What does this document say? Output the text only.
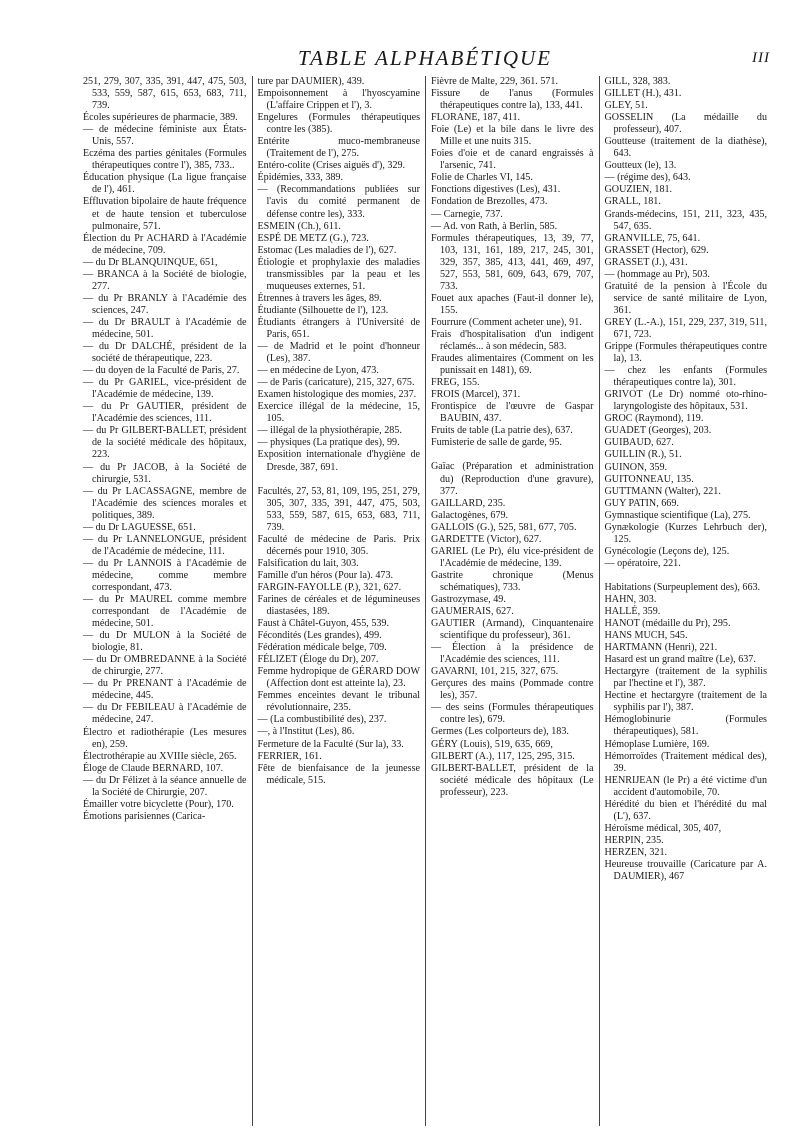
TABLE ALPHABÉTIQUE	III
251, 279, 307, 335, 391, 447, 475, 503, 533, 559, 587, 615, 653, 683, 711, 739.
Écoles supérieures de pharmacie, 389.
— de médecine féministe aux États-Unis, 557.
Eczéma des parties génitales (Formules thérapeutiques contre l'), 385, 733..
Éducation physique (La ligue française de l'), 461.
Effluvation bipolaire de haute fréquence et de haute tension et tuberculose pulmonaire, 571.
Élection du Pr ACHARD à l'Académie de médecine, 709.
— du Dr BLANQUINQUE, 651,
— BRANCA à la Société de biologie, 277.
— du Pr BRANLY à l'Académie des sciences, 247.
— du Dr BRAULT à l'Académie de médecine, 501.
— du Dr DALCHÉ, président de la société de thérapeutique, 223.
— du doyen de la Faculté de Paris, 27.
— du Pr GARIEL, vice-président de l'Académie de médecine, 139.
— du Pr GAUTIER, président de l'Académie des sciences, 111.
— du Pr GILBERT-BALLET, président de la société médicale des hôpitaux, 223.
— du Pr JACOB, à la Société de chirurgie, 531.
— du Pr LACASSAGNE, membre de l'Académie des sciences morales et politiques, 389.
— du Dr LAGUESSE, 651.
— du Pr LANNELONGUE, président de l'Académie de médecine, 111.
— du Pr LANNOIS à l'Académie de médecine, comme membre correspondant, 473.
— du Pr MAUREL comme membre correspondant de l'Académie de médecine, 501.
— du Dr MULON à la Société de biologie, 81.
— du Dr OMBREDANNE à la Société de chirurgie, 277.
— du Pr PRENANT à l'Académie de médecine, 445.
— du Dr FEBILEAU à l'Académie de médecine, 247.
Électro et radiothérapie (Les mesures en), 259.
Électrothérapie au XVIIIe siècle, 265.
Éloge de Claude BERNARD, 107.
— du Dr Félizet à la séance annuelle de la Société de Chirurgie, 207.
Émailler votre bicyclette (Pour), 170.
Émotions parisiennes (Carica-
ture par DAUMIER), 439.
Empoisonnement à l'hyoscyamine (L'affaire Crippen et l'), 3.
Engelures (Formules thérapeutiques contre les (385).
Entérite muco-membraneuse (Traitement de l'), 275.
Entéro-colite (Crises aiguës d'), 329.
Épidémies, 333, 389.
— (Recommandations publiées sur l'avis du comité permanent de défense contre les), 333.
ESMEIN (Ch.), 611.
ESPÉ DE METZ (G.), 723.
Estomac (Les maladies de l'), 627.
Étiologie et prophylaxie des maladies transmissibles par la peau et les muqueuses externes, 51.
Étrennes à travers les âges, 89.
Étudiante (Silhouette de l'), 123.
Étudiants étrangers à l'Université de Paris, 651.
— de Madrid et le point d'honneur (Les), 387.
— en médecine de Lyon, 473.
— de Paris (caricature), 215, 327, 675.
Examen histologique des momies, 237.
Exercice illégal de la médecine, 15, 105.
— illégal de la physiothérapie, 285.
— physiques (La pratique des), 99.
Exposition internationale d'hygiène de Dresde, 387, 691.
Facultés, 27, 53, 81, 109, 195, 251, 279, 305, 307, 335, 391, 447, 475, 503, 533, 559, 587, 615, 653, 683, 711, 739.
Faculté de médecine de Paris. Prix décernés pour 1910, 305.
Falsification du lait, 303.
Famille d'un héros (Pour la). 473.
FARGIN-FAYOLLE (P.), 321, 627.
Farines de céréales et de légumineuses diastasées, 189.
Faust à Châtel-Guyon, 455, 539.
Fécondités (Les grandes), 499.
Fédération médicale belge, 709.
FÉLIZET (Éloge du Dr), 207.
Femme hydropique de GÉRARD DOW (Affection dont est atteinte la), 23.
Femmes enceintes devant le tribunal révolutionnaire, 235.
— (La combustibilité des), 237.
—, à l'Institut (Les), 86.
Fermeture de la Faculté (Sur la), 33.
FERRIER, 161.
Fête de bienfaisance de la jeunesse médicale, 515.
Fièvre de Malte, 229, 361. 571.
Fissure de l'anus (Formules thérapeutiques contre la), 133, 441.
FLORANE, 187, 411.
Foie (Le) et la bile dans le livre des Mille et une nuits 315.
Foies d'oie et de canard engraissés à l'arsenic, 741.
Folie de Charles VI, 145.
Fonctions digestives (Les), 431.
Fondation de Brezolles, 473.
— Carnegie, 737.
— Ad. von Rath, à Berlin, 585.
Formules thérapeutiques, 13, 39, 77, 103, 131, 161, 189, 217, 245, 301, 329, 357, 385, 413, 441, 469, 497, 527, 553, 581, 609, 643, 679, 707, 733.
Fouet aux apaches (Faut-il donner le), 155.
Fourrure (Comment acheter une), 91.
Frais d'hospitalisation d'un indigent réclamés... à son médecin, 583.
Fraudes alimentaires (Comment on les punissait en 1481), 69.
FREG, 155.
FROIS (Marcel), 371.
Frontispice de l'œuvre de Gaspar BAUBIN, 437.
Fruits de table (La patrie des), 637.
Fumisterie de salle de garde, 95.
Gaïac (Préparation et administration du) (Reproduction d'une gravure), 377.
GAILLARD, 235.
Galactogènes, 679.
GALLOIS (G.), 525, 581, 677, 705.
GARDETTE (Victor), 627.
GARIEL (Le Pr), élu vice-président de l'Académie de médecine, 139.
Gastrite chronique (Menus schématiques), 733.
Gastrozymase, 49.
GAUMERAIS, 627.
GAUTIER (Armand), Cinquantenaire scientifique du professeur), 361.
— Élection à la présidence de l'Académie des sciences, 111.
GAVARNI, 101, 215, 327, 675.
Gerçures des mains (Pommade contre les), 357.
— des seins (Formules thérapeutiques contre les), 679.
Germes (Les colporteurs de), 183.
GÉRY (Louis), 519, 635, 669,
GILBERT (A.), 117, 125, 295, 315.
GILBERT-BALLET, président de la société médicale des hôpitaux (Le professeur), 223.
GILL, 328, 383.
GILLET (H.), 431.
GLEY, 51.
GOSSELIN (La médaille du professeur), 407.
Goutteuse (traitement de la diathèse), 643.
Goutteux (le), 13.
— (régime des), 643.
GOUZIEN, 181.
GRALL, 181.
Grands-médecins, 151, 211, 323, 435, 547, 635.
GRANVILLE, 75, 641.
GRASSET (Hector), 629.
GRASSET (J.), 431.
— (hommage au Pr), 503.
Gratuité de la pension à l'École du service de santé militaire de Lyon, 361.
GREY (L.-A.), 151, 229, 237, 319, 511, 671, 723.
Grippe (Formules thérapeutiques contre la), 13.
— chez les enfants (Formules thérapeutiques contre la), 301.
GRIVOT (Le Dr) nommé oto-rhino-laryngologiste des hôpitaux, 531.
GROC (Raymond), 119.
GUADET (Georges), 203.
GUIBAUD, 627.
GUILLIN (R.), 51.
GUINON, 359.
GUITONNEAU, 135.
GUTTMANN (Walter), 221.
GUY PATIN, 669.
Gymnastique scientifique (La), 275.
Gynækologie (Kurzes Lehrbuch der), 125.
Gynécologie (Leçons de), 125.
— opératoire, 221.
Habitations (Surpeuplement des), 663.
HAHN, 303.
HALLÉ, 359.
HANOT (médaille du Pr), 295.
HANS MUCH, 545.
HARTMANN (Henri), 221.
Hasard est un grand maître (Le), 637.
Hectargyre (traitement de la syphilis par l'hectine et l'), 387.
Hectine et hectargyre (traitement de la syphilis par l'), 387.
Hémoglobinurie (Formules thérapeutiques), 581.
Hémoplase Lumière, 169.
Hémorroïdes (Traitement médical des), 39.
HENRIJEAN (le Pr) a été victime d'un accident d'automobile, 70.
Hérédité du bien et l'hérédité du mal (L'), 637.
Héroïsme médical, 305, 407,
HERPIN, 235.
HERZEN, 321.
Heureuse trouvaille (Caricature par A. DAUMIER), 467
